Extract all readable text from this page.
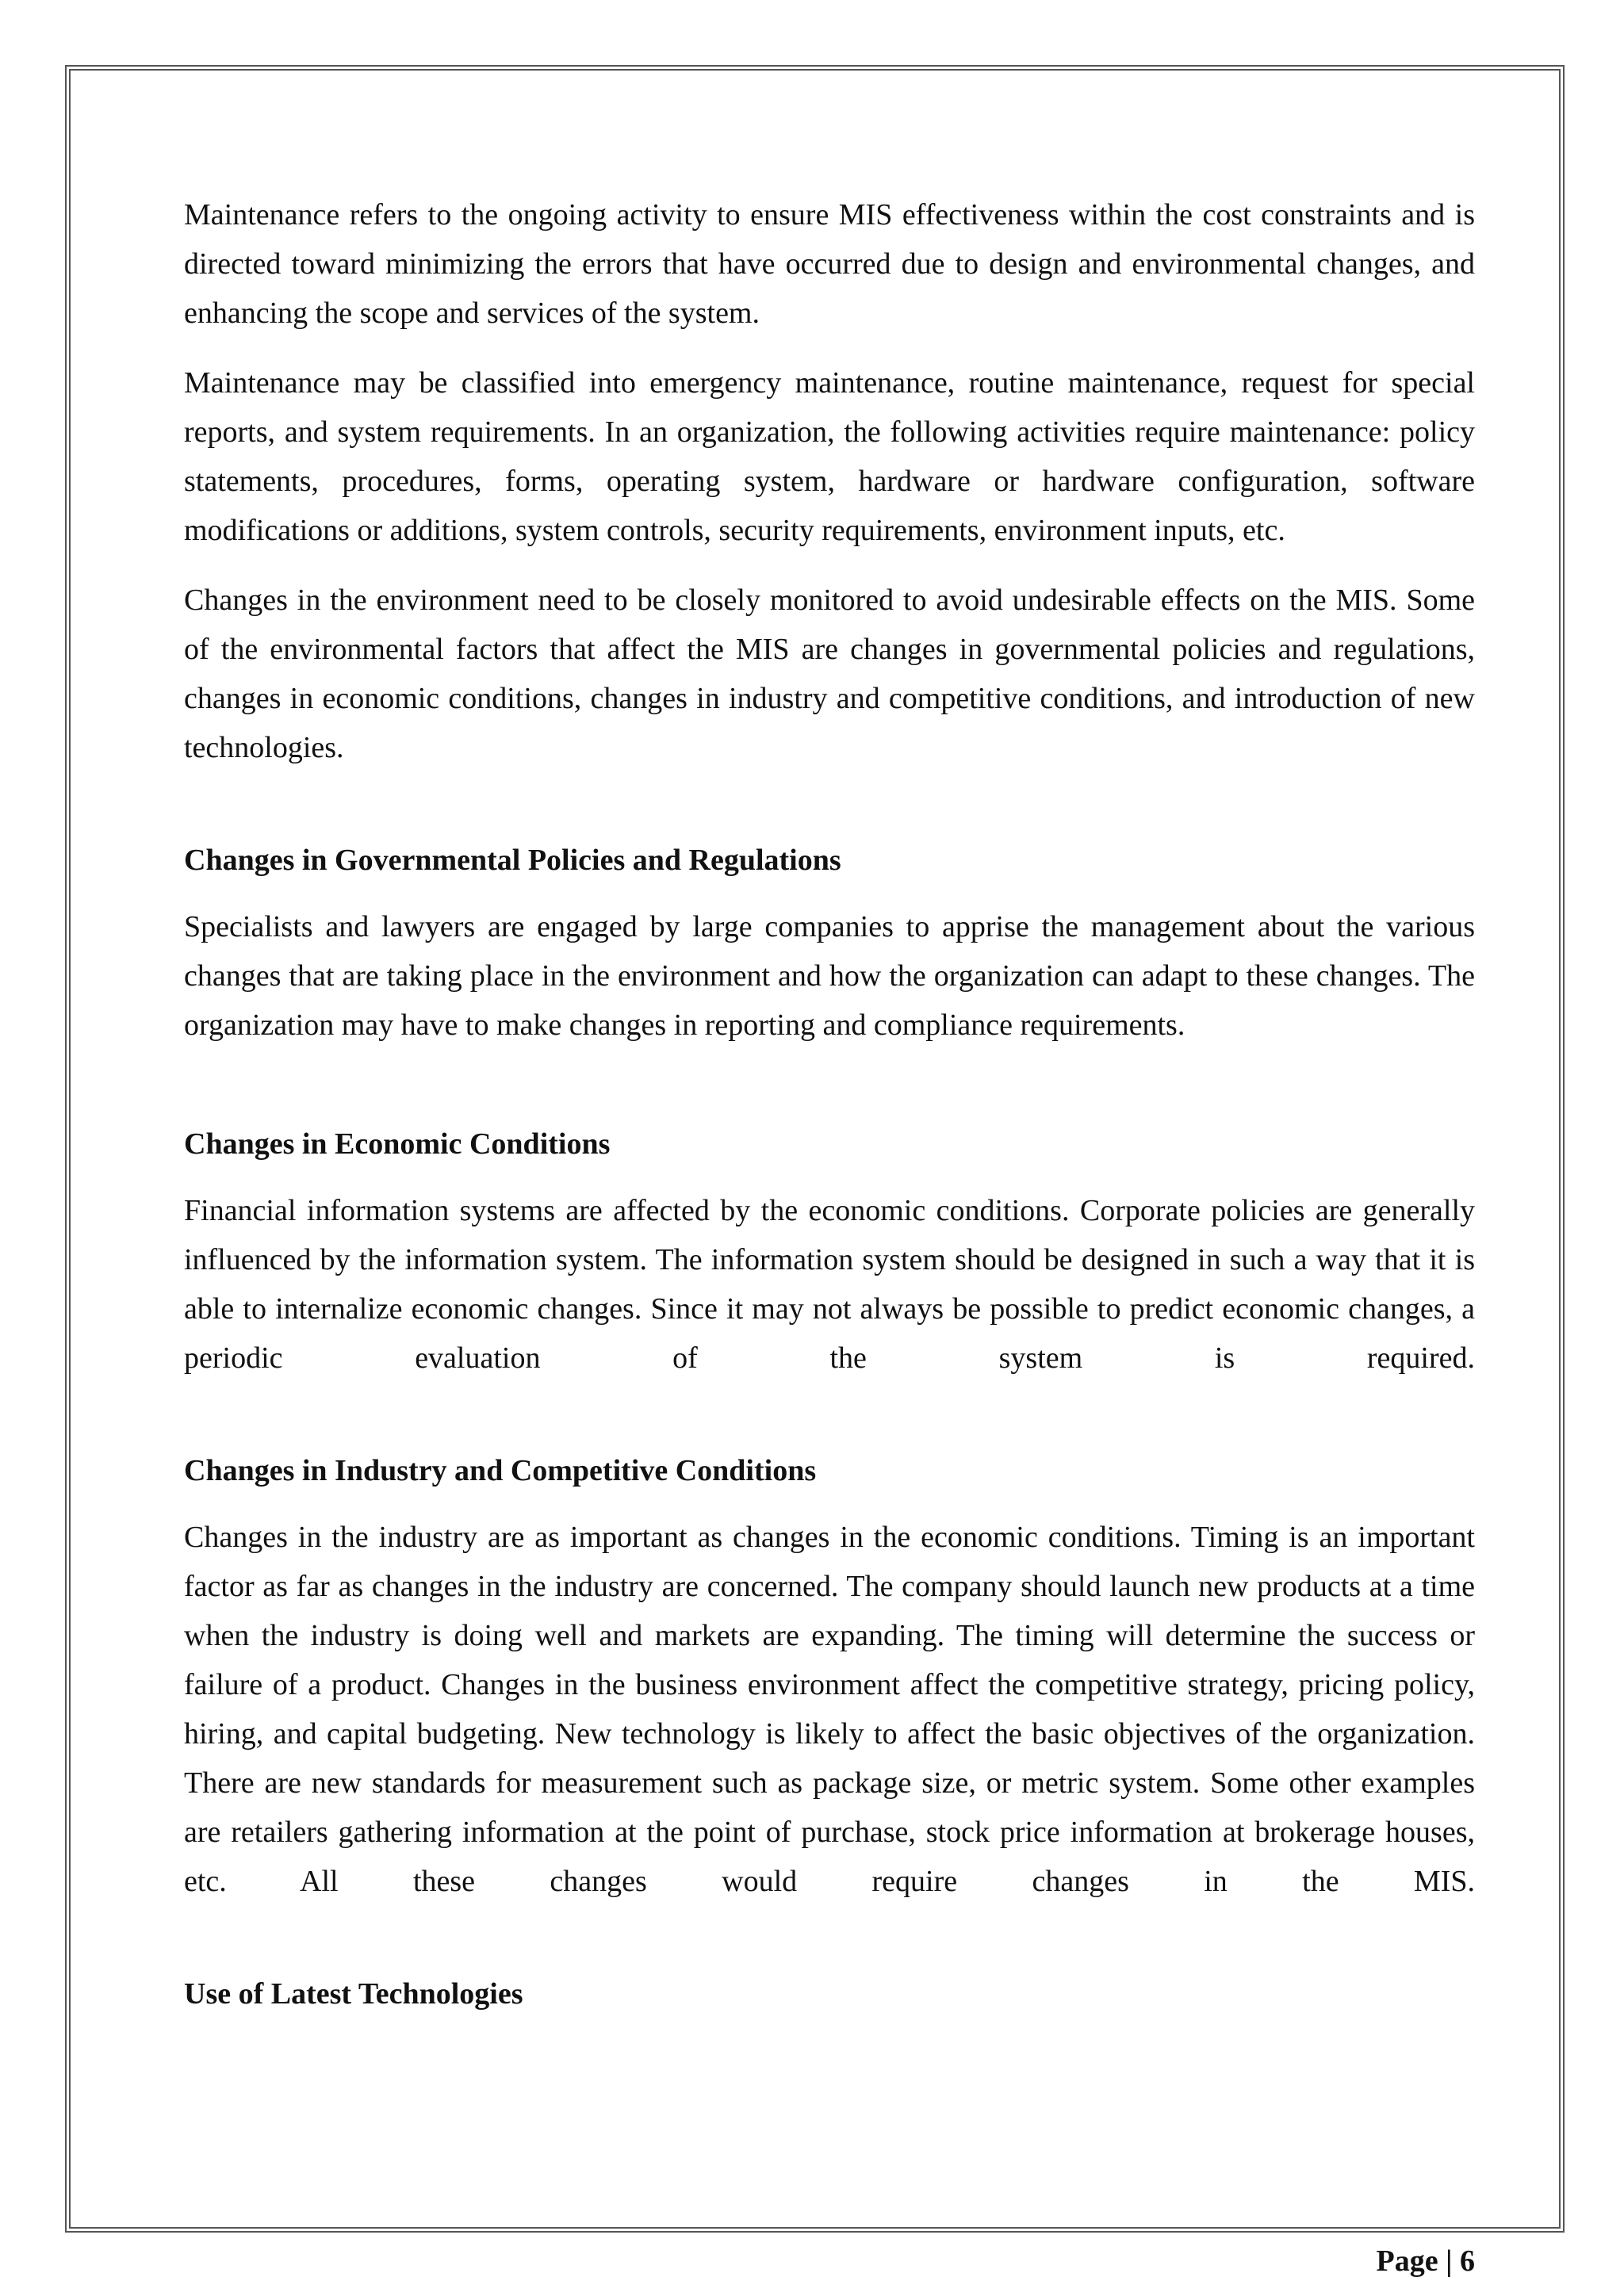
Maintenance refers to the ongoing activity to ensure MIS effectiveness within the cost constraints and is directed toward minimizing the errors that have occurred due to design and environmental changes, and enhancing the scope and services of the system.

Maintenance may be classified into emergency maintenance, routine maintenance, request for special reports, and system requirements. In an organization, the following activities require maintenance: policy statements, procedures, forms, operating system, hardware or hardware configuration, software modifications or additions, system controls, security requirements, environment inputs, etc.

Changes in the environment need to be closely monitored to avoid undesirable effects on the MIS. Some of the environmental factors that affect the MIS are changes in governmental policies and regulations, changes in economic conditions, changes in industry and competitive conditions, and introduction of new technologies.

Changes in Governmental Policies and Regulations

Specialists and lawyers are engaged by large companies to apprise the management about the various changes that are taking place in the environment and how the organization can adapt to these changes. The organization may have to make changes in reporting and compliance requirements.

Changes in Economic Conditions

Financial information systems are affected by the economic conditions. Corporate policies are generally influenced by the information system. The information system should be designed in such a way that it is able to internalize economic changes. Since it may not always be possible to predict economic changes, a periodic evaluation of the system is required.

Changes in Industry and Competitive Conditions

Changes in the industry are as important as changes in the economic conditions. Timing is an important factor as far as changes in the industry are concerned. The company should launch new products at a time when the industry is doing well and markets are expanding. The timing will determine the success or failure of a product. Changes in the business environment affect the competitive strategy, pricing policy, hiring, and capital budgeting. New technology is likely to affect the basic objectives of the organization. There are new standards for measurement such as package size, or metric system. Some other examples are retailers gathering information at the point of purchase, stock price information at brokerage houses, etc. All these changes would require changes in the MIS.

Use of Latest Technologies
Page | 6
